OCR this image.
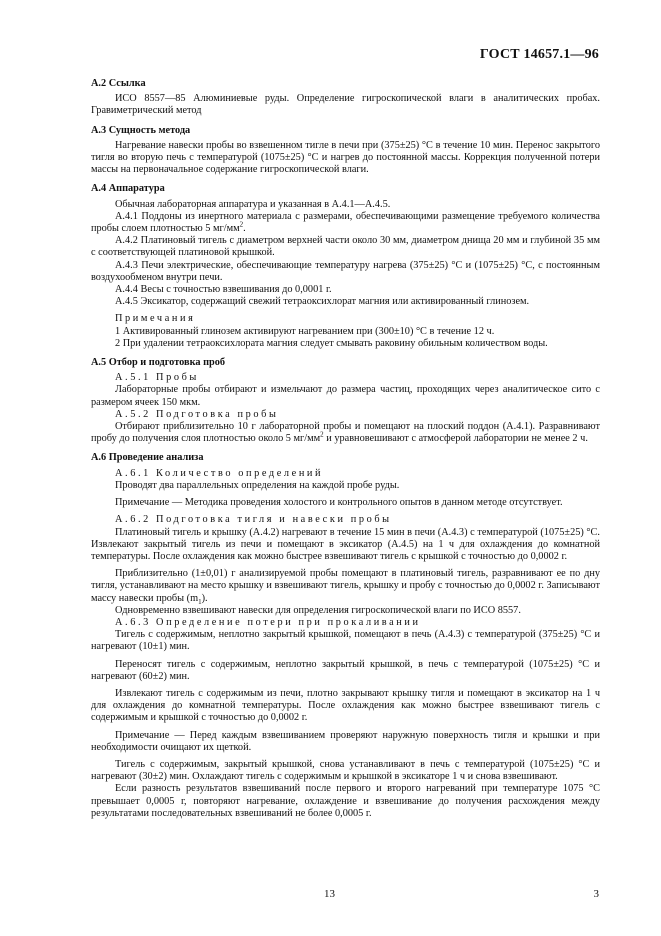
ГОСТ 14657.1—96

А.2 Ссылка

ИСО 8557—85 Алюминиевые руды. Определение гигроскопической влаги в аналитических пробах. Гравиметрический метод

А.3 Сущность метода

Нагревание навески пробы во взвешенном тигле в печи при (375±25) °С в течение 10 мин. Перенос закрытого тигля во вторую печь с температурой (1075±25) °С и нагрев до постоянной массы. Коррекция полученной потери массы на первоначальное содержание гигроскопической влаги.

А.4 Аппаратура

Обычная лабораторная аппаратура и указанная в А.4.1—А.4.5.

А.4.1 Поддоны из инертного материала с размерами, обеспечивающими размещение требуемого количества пробы слоем плотностью 5 $мг/мм^2$.

А.4.2 Платиновый тигель с диаметром верхней части около 30 мм, диаметром днища 20 мм и глубиной 35 мм с соответствующей платиновой крышкой.

А.4.3 Печи электрические, обеспечивающие температуру нагрева (375±25) °С и (1075±25) °С, с постоянным воздухообменом внутри печи.

А.4.4 Весы с точностью взвешивания до 0,0001 г.

А.4.5 Эксикатор, содержащий свежий тетраоксихлорат магния или активированный глинозем.

Примечания

1 Активированный глинозем активируют нагреванием при (300±10) °С в течение 12 ч.

2 При удалении тетраоксихлората магния следует смывать раковину обильным количеством воды.

А.5 Отбор и подготовка проб

А.5.1 Пробы

Лабораторные пробы отбирают и измельчают до размера частиц, проходящих через аналитическое сито с размером ячеек 150 мкм.

А.5.2 Подготовка пробы

Отбирают приблизительно 10 г лабораторной пробы и помещают на плоский поддон (А.4.1). Разравнивают пробу до получения слоя плотностью около 5 $мг/мм^2$ и уравновешивают с атмосферой лаборатории не менее 2 ч.

А.6 Проведение анализа

А.6.1 Количество определений

Проводят два параллельных определения на каждой пробе руды.

Примечание — Методика проведения холостого и контрольного опытов в данном методе отсутствует.

А.6.2 Подготовка тигля и навески пробы

Платиновый тигель и крышку (А.4.2) нагревают в течение 15 мин в печи (А.4.3) с температурой (1075±25) °С. Извлекают закрытый тигель из печи и помещают в эксикатор (А.4.5) на 1 ч для охлаждения до комнатной температуры. После охлаждения как можно быстрее взвешивают тигель с крышкой с точностью до 0,0002 г.

Приблизительно (1±0,01) г анализируемой пробы помещают в платиновый тигель, разравнивают ее по дну тигля, устанавливают на место крышку и взвешивают тигель, крышку и пробу с точностью до 0,0002 г. Записывают массу навески пробы $(m_1)$.

Одновременно взвешивают навески для определения гигроскопической влаги по ИСО 8557.

А.6.3 Определение потери при прокаливании

Тигель с содержимым, неплотно закрытый крышкой, помещают в печь (А.4.3) с температурой (375±25) °С и нагревают (10±1) мин.

Переносят тигель с содержимым, неплотно закрытый крышкой, в печь с температурой (1075±25) °С и нагревают (60±2) мин.

Извлекают тигель с содержимым из печи, плотно закрывают крышку тигля и помещают в эксикатор на 1 ч для охлаждения до комнатной температуры. После охлаждения как можно быстрее взвешивают тигель с содержимым и крышкой с точностью до 0,0002 г.

Примечание — Перед каждым взвешиванием проверяют наружную поверхность тигля и крышки и при необходимости очищают их щеткой.

Тигель с содержимым, закрытый крышкой, снова устанавливают в печь с температурой (1075±25) °С и нагревают (30±2) мин. Охлаждают тигель с содержимым и крышкой в эксикаторе 1 ч и снова взвешивают.

Если разность результатов взвешиваний после первого и второго нагреваний при температуре 1075 °С превышает 0,0005 г, повторяют нагревание, охлаждение и взвешивание до получения расхождения между результатами последовательных взвешиваний не более 0,0005 г.

13	3
